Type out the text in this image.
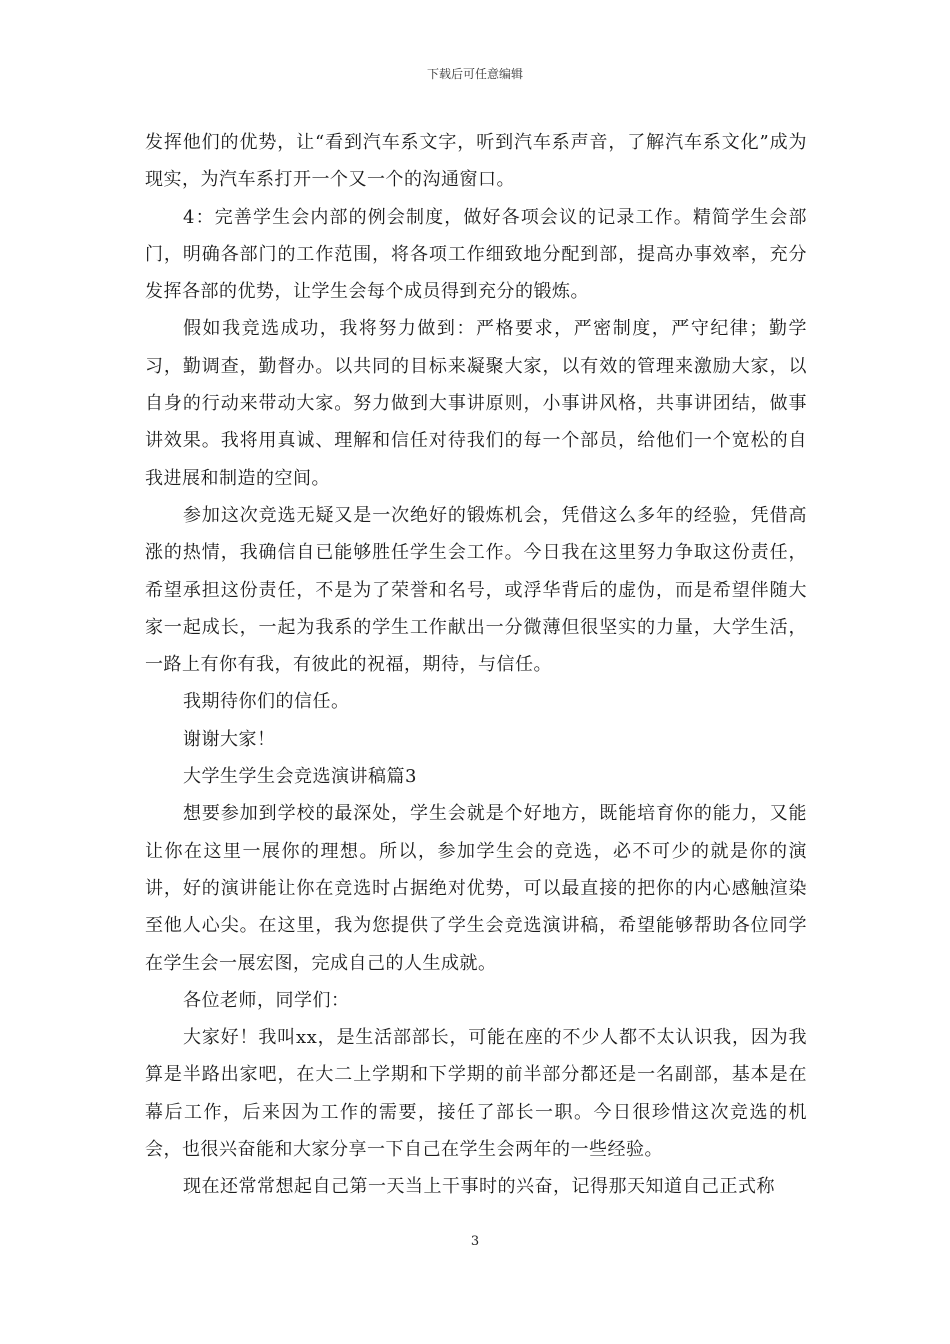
下载后可任意编辑

发挥他们的优势，让“看到汽车系文字，听到汽车系声音，了解汽车系文化”成为现实，为汽车系打开一个又一个的沟通窗口。

4：完善学生会内部的例会制度，做好各项会议的记录工作。精简学生会部门，明确各部门的工作范围，将各项工作细致地分配到部，提高办事效率，充分发挥各部的优势，让学生会每个成员得到充分的锻炼。

假如我竞选成功，我将努力做到：严格要求，严密制度，严守纪律；勤学习，勤调查，勤督办。以共同的目标来凝聚大家，以有效的管理来激励大家，以自身的行动来带动大家。努力做到大事讲原则，小事讲风格，共事讲团结，做事讲效果。我将用真诚、理解和信任对待我们的每一个部员，给他们一个宽松的自我进展和制造的空间。

参加这次竞选无疑又是一次绝好的锻炼机会，凭借这么多年的经验，凭借高涨的热情，我确信自已能够胜任学生会工作。今日我在这里努力争取这份责任，希望承担这份责任，不是为了荣誉和名号，或浮华背后的虚伪，而是希望伴随大家一起成长，一起为我系的学生工作献出一分微薄但很坚实的力量，大学生活，一路上有你有我，有彼此的祝福，期待，与信任。

我期待你们的信任。

谢谢大家！

大学生学生会竞选演讲稿篇3

想要参加到学校的最深处，学生会就是个好地方，既能培育你的能力，又能让你在这里一展你的理想。所以，参加学生会的竞选，必不可少的就是你的演讲，好的演讲能让你在竞选时占据绝对优势，可以最直接的把你的内心感触渲染至他人心尖。在这里，我为您提供了学生会竞选演讲稿，希望能够帮助各位同学在学生会一展宏图，完成自己的人生成就。

各位老师，同学们：

大家好！我叫xx，是生活部部长，可能在座的不少人都不太认识我，因为我算是半路出家吧，在大二上学期和下学期的前半部分都还是一名副部，基本是在幕后工作，后来因为工作的需要，接任了部长一职。今日很珍惜这次竞选的机会，也很兴奋能和大家分享一下自己在学生会两年的一些经验。

现在还常常想起自己第一天当上干事时的兴奋，记得那天知道自己正式称

3
